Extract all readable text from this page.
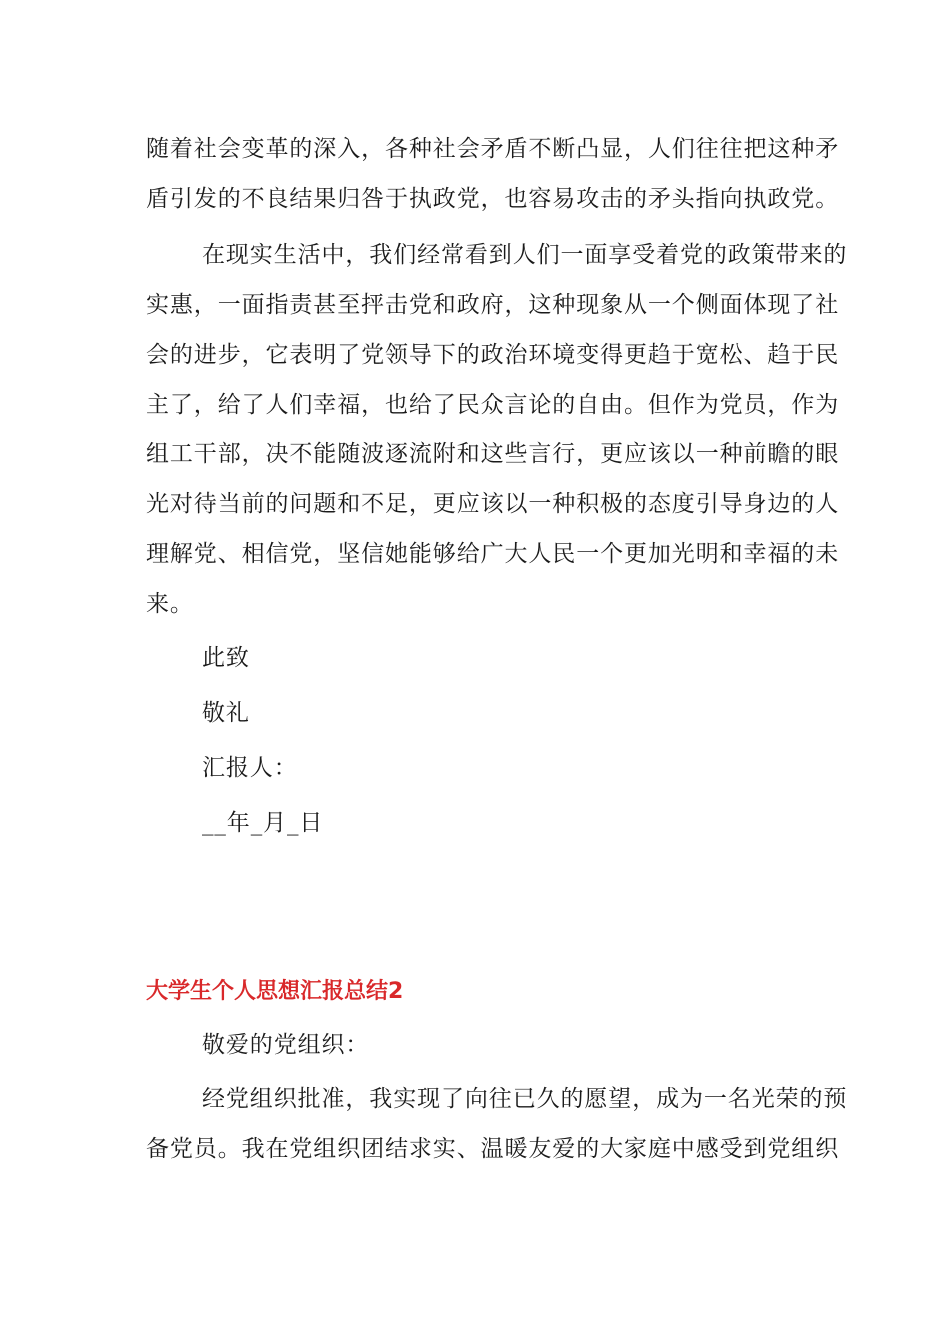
随着社会变革的深入，各种社会矛盾不断凸显，人们往往把这种矛
盾引发的不良结果归咎于执政党，也容易攻击的矛头指向执政党。
在现实生活中，我们经常看到人们一面享受着党的政策带来的
实惠，一面指责甚至抨击党和政府，这种现象从一个侧面体现了社
会的进步，它表明了党领导下的政治环境变得更趋于宽松、趋于民
主了，给了人们幸福，也给了民众言论的自由。但作为党员，作为
组工干部，决不能随波逐流附和这些言行，更应该以一种前瞻的眼
光对待当前的问题和不足，更应该以一种积极的态度引导身边的人
理解党、相信党，坚信她能够给广大人民一个更加光明和幸福的未
来。
此致
敬礼
汇报人：
__年_月_日
大学生个人思想汇报总结2
敬爱的党组织：
经党组织批准，我实现了向往已久的愿望，成为一名光荣的预
备党员。我在党组织团结求实、温暖友爱的大家庭中感受到党组织
